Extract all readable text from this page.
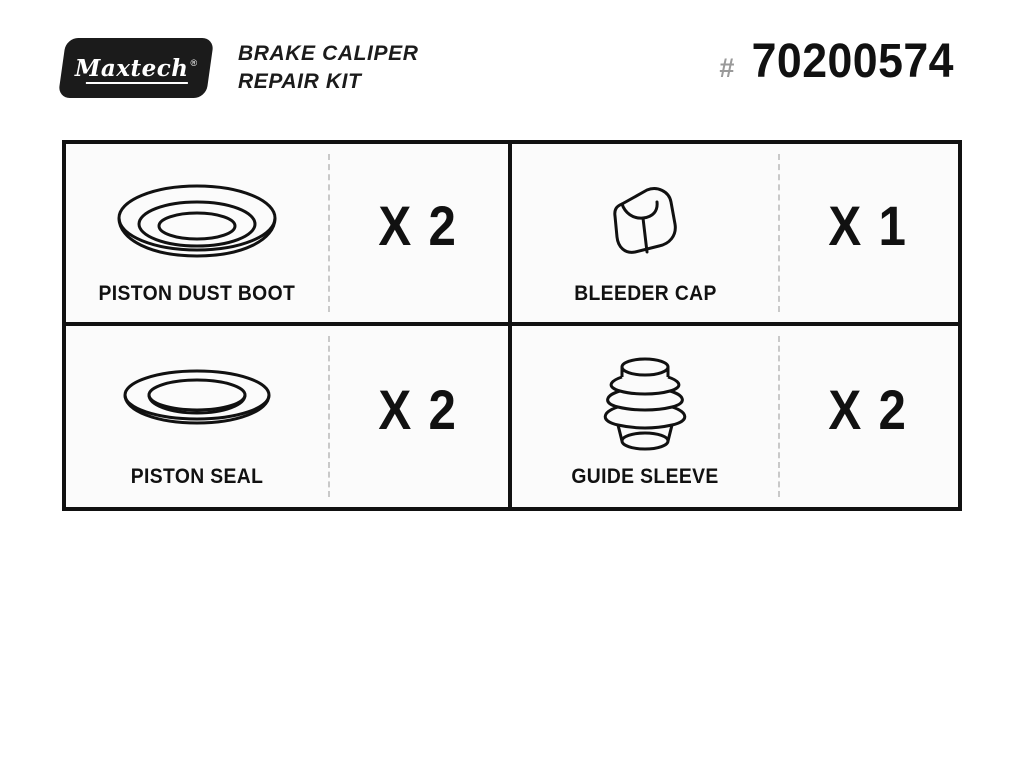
Maxtech ® BRAKE CALIPER
REPAIR KIT	# 70200574
PISTON DUST BOOT
X 2
BLEEDER CAP
X 1
PISTON SEAL
X 2
GUIDE SLEEVE
X 2
